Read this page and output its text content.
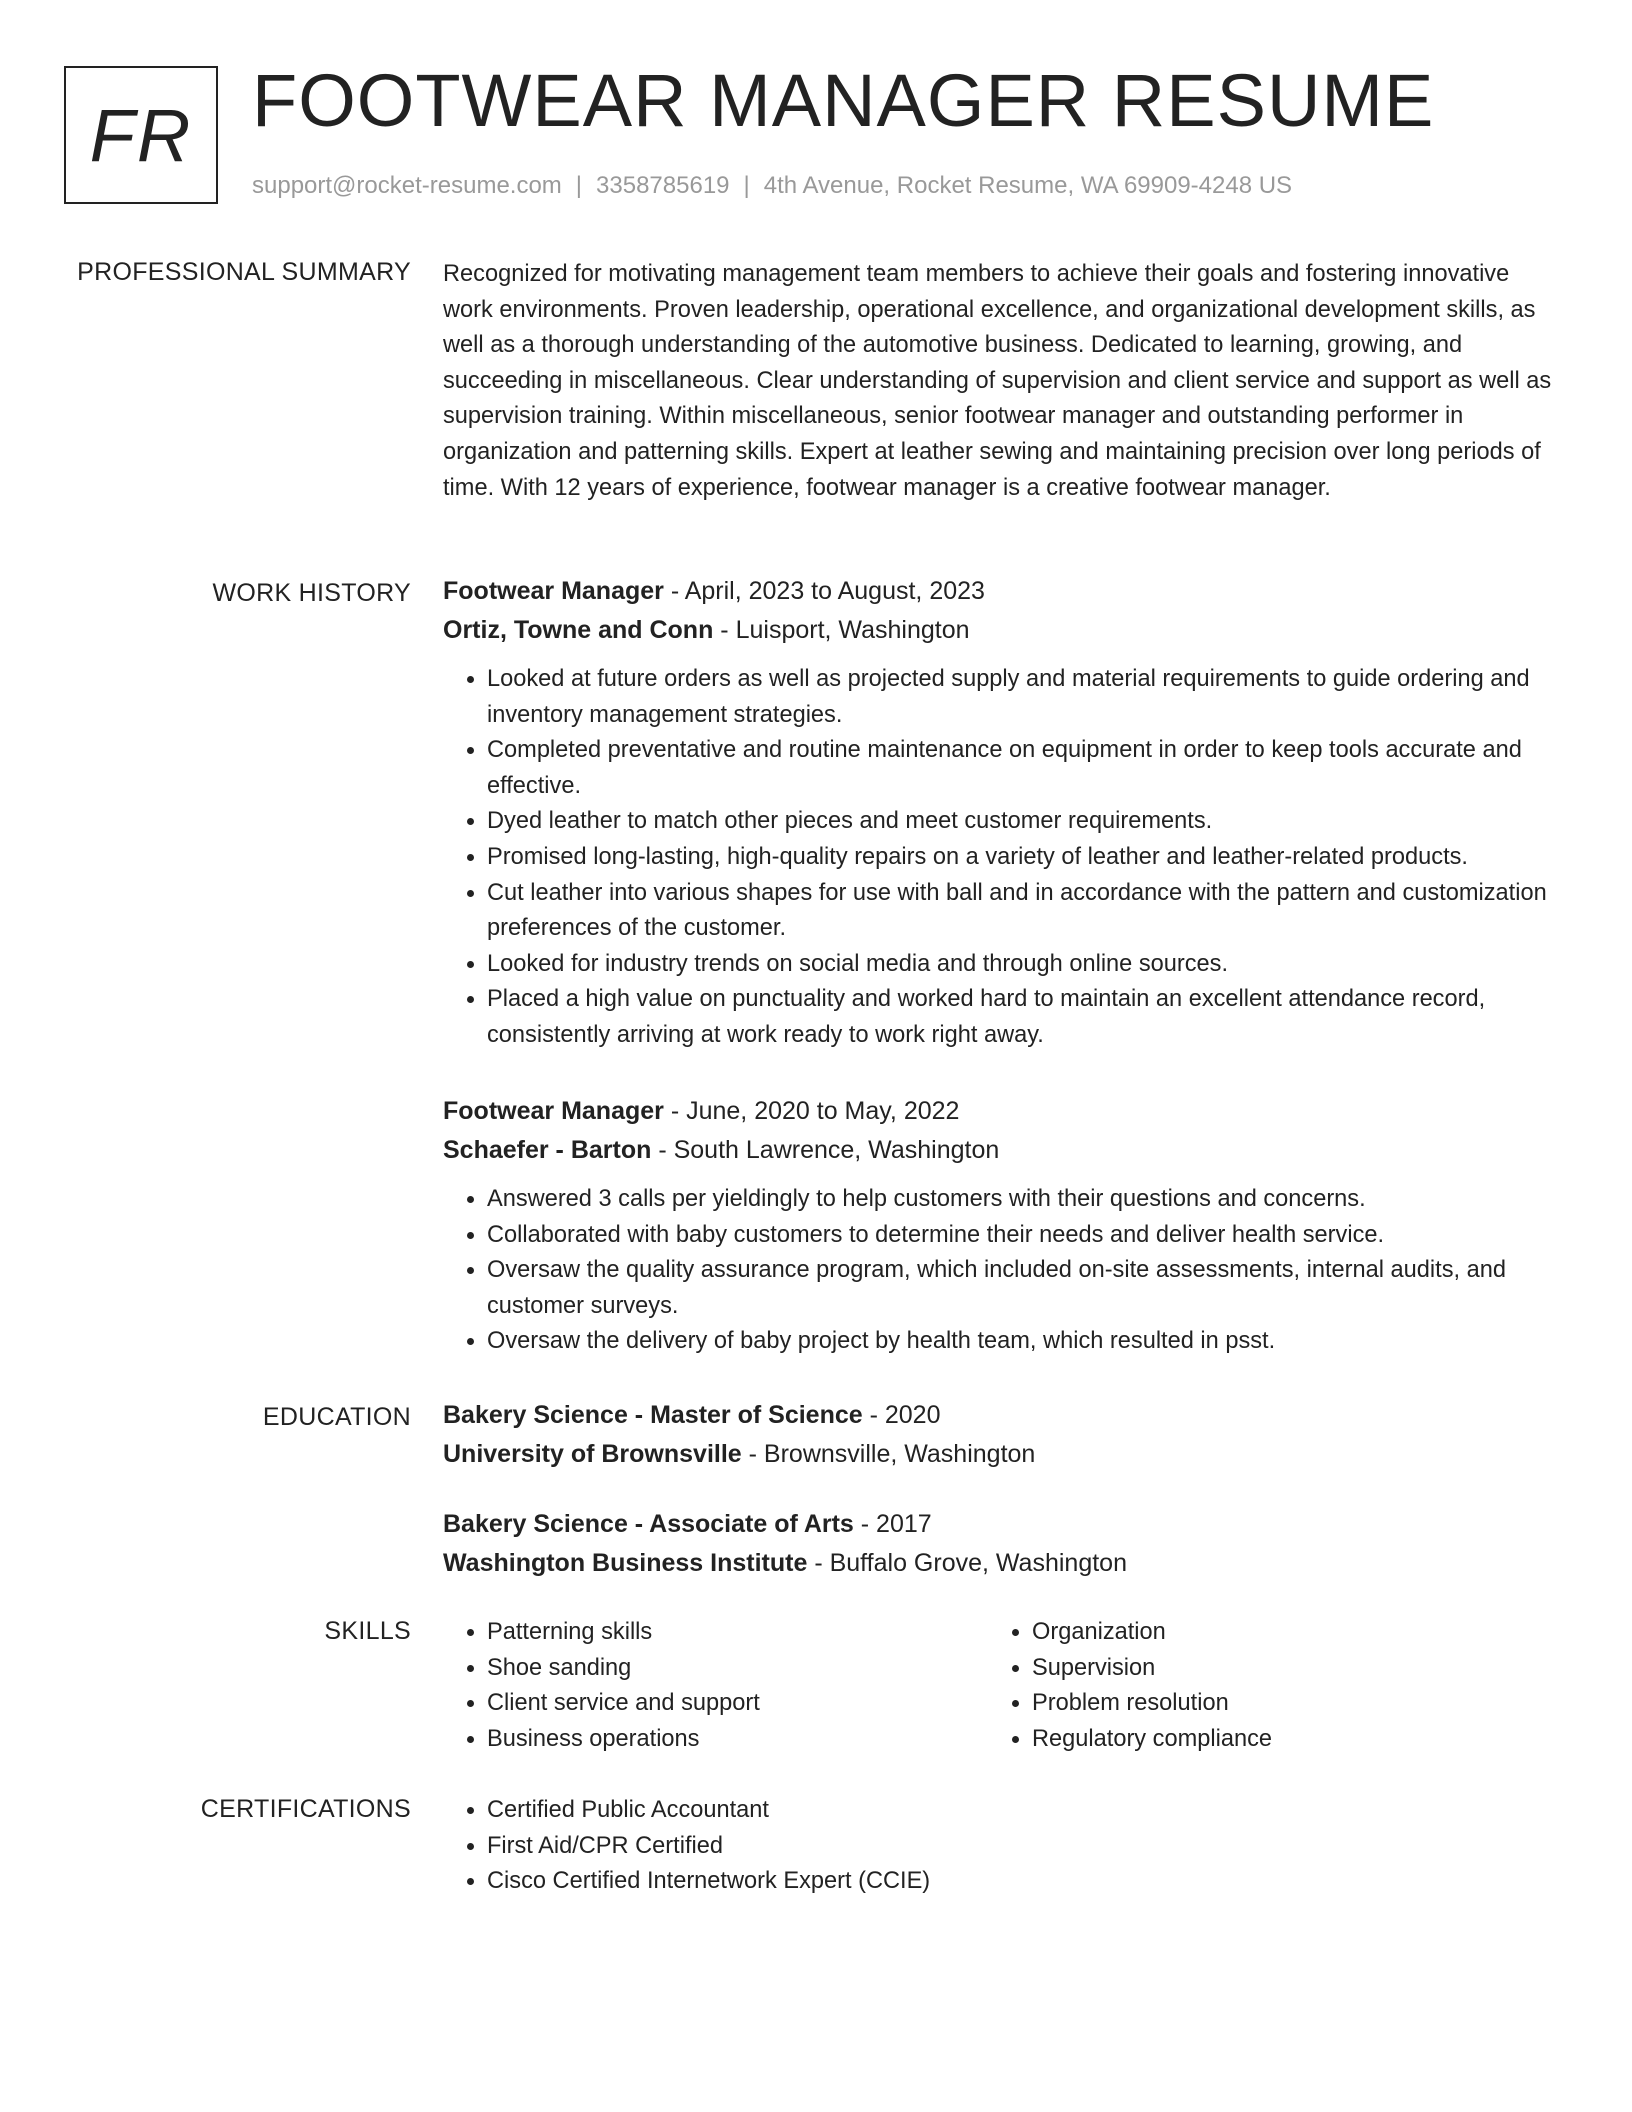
FR FOOTWEAR MANAGER RESUME
support@rocket-resume.com | 3358785619 | 4th Avenue, Rocket Resume, WA 69909-4248 US
PROFESSIONAL SUMMARY Recognized for motivating management team members to achieve their goals and fostering innovative work environments. Proven leadership, operational excellence, and organizational development skills, as well as a thorough understanding of the automotive business. Dedicated to learning, growing, and succeeding in miscellaneous. Clear understanding of supervision and client service and support as well as supervision training. Within miscellaneous, senior footwear manager and outstanding performer in organization and patterning skills. Expert at leather sewing and maintaining precision over long periods of time. With 12 years of experience, footwear manager is a creative footwear manager.

WORK HISTORY Footwear Manager - April, 2023 to August, 2023
Ortiz, Towne and Conn - Luisport, Washington
• Looked at future orders as well as projected supply and material requirements to guide ordering and inventory management strategies.
• Completed preventative and routine maintenance on equipment in order to keep tools accurate and effective.
• Dyed leather to match other pieces and meet customer requirements.
• Promised long-lasting, high-quality repairs on a variety of leather and leather-related products.
• Cut leather into various shapes for use with ball and in accordance with the pattern and customization preferences of the customer.
• Looked for industry trends on social media and through online sources.
• Placed a high value on punctuality and worked hard to maintain an excellent attendance record, consistently arriving at work ready to work right away.
Footwear Manager - June, 2020 to May, 2022
Schaefer - Barton - South Lawrence, Washington
• Answered 3 calls per yieldingly to help customers with their questions and concerns.
• Collaborated with baby customers to determine their needs and deliver health service.
• Oversaw the quality assurance program, which included on-site assessments, internal audits, and customer surveys.
• Oversaw the delivery of baby project by health team, which resulted in psst.
EDUCATION Bakery Science - Master of Science - 2020
University of Brownsville - Brownsville, Washington
Bakery Science - Associate of Arts - 2017
Washington Business Institute - Buffalo Grove, Washington
SKILLS	• Patterning skills
• Shoe sanding
• Client service and support
• Business operations
• Organization
• Supervision
• Problem resolution
• Regulatory compliance
CERTIFICATIONS	• Certified Public Accountant
• First Aid/CPR Certified
• Cisco Certified Internetwork Expert (CCIE)
